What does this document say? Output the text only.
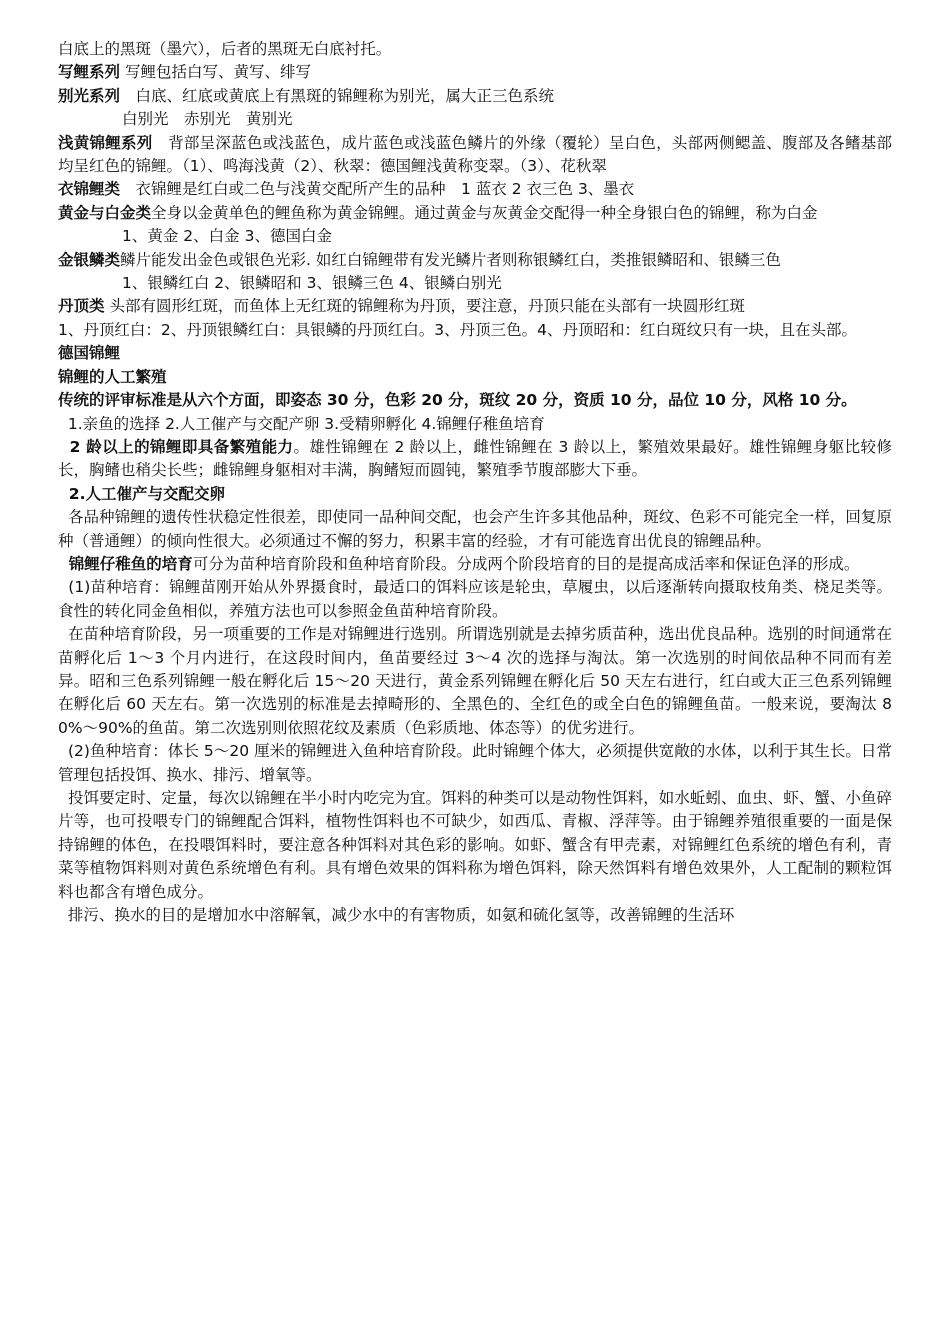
白底上的黑斑（墨穴），后者的黑斑无白底衬托。

写鲤系列 写鲤包括白写、黄写、绯写

别光系列　白底、红底或黄底上有黑斑的锦鲤称为别光，属大正三色系统

白别光　赤别光　黄别光

浅黄锦鲤系列　背部呈深蓝色或浅蓝色，成片蓝色或浅蓝色鳞片的外缘（覆轮）呈白色，头部两侧鳃盖、腹部及各鳍基部均呈红色的锦鲤。（1）、鸣海浅黄（2）、秋翠：德国鲤浅黄称变翠。（3）、花秋翠

衣锦鲤类　衣锦鲤是红白或二色与浅黄交配所产生的品种　1 蓝衣 2 衣三色 3、墨衣

黄金与白金类全身以金黄单色的鲤鱼称为黄金锦鲤。通过黄金与灰黄金交配得一种全身银白色的锦鲤，称为白金

1、黄金 2、白金 3、德国白金

金银鳞类鳞片能发出金色或银色光彩. 如红白锦鲤带有发光鳞片者则称银鳞红白，类推银鳞昭和、银鳞三色

1、银鳞红白 2、银鳞昭和 3、银鳞三色 4、银鳞白别光

丹顶类 头部有圆形红斑，而鱼体上无红斑的锦鲤称为丹顶，要注意，丹顶只能在头部有一块圆形红斑

1、丹顶红白：2、丹顶银鳞红白：具银鳞的丹顶红白。3、丹顶三色。4、丹顶昭和：红白斑纹只有一块，且在头部。

德国锦鲤

锦鲤的人工繁殖

传统的评审标准是从六个方面，即姿态 30 分，色彩 20 分，斑纹 20 分，资质 10 分，品位 10 分，风格 10 分。

1.亲鱼的选择 2.人工催产与交配产卵 3.受精卵孵化 4.锦鲤仔稚鱼培育

2 龄以上的锦鲤即具备繁殖能力。雄性锦鲤在 2 龄以上，雌性锦鲤在 3 龄以上，繁殖效果最好。雄性锦鲤身躯比较修长，胸鳍也稍尖长些；雌锦鲤身躯相对丰满，胸鳍短而圆钝，繁殖季节腹部膨大下垂。

2.人工催产与交配交卵

各品种锦鲤的遗传性状稳定性很差，即使同一品种间交配，也会产生许多其他品种，斑纹、色彩不可能完全一样，回复原种（普通鲤）的倾向性很大。必须通过不懈的努力，积累丰富的经验，才有可能选育出优良的锦鲤品种。

锦鲤仔稚鱼的培育可分为苗种培育阶段和鱼种培育阶段。分成两个阶段培育的目的是提高成活率和保证色泽的形成。

(1)苗种培育：锦鲤苗刚开始从外界摄食时，最适口的饵料应该是轮虫，草履虫，以后逐渐转向摄取枝角类、桡足类等。食性的转化同金鱼相似，养殖方法也可以参照金鱼苗种培育阶段。

在苗种培育阶段，另一项重要的工作是对锦鲤进行选别。所谓选别就是去掉劣质苗种，选出优良品种。选别的时间通常在苗孵化后 1～3 个月内进行，在这段时间内，鱼苗要经过 3～4 次的选择与淘汰。第一次选别的时间依品种不同而有差异。昭和三色系列锦鲤一般在孵化后 15～20 天进行，黄金系列锦鲤在孵化后 50 天左右进行，红白或大正三色系列锦鲤在孵化后 60 天左右。第一次选别的标准是去掉畸形的、全黑色的、全红色的或全白色的锦鲤鱼苗。一般来说，要淘汰 80%～90%的鱼苗。第二次选别则依照花纹及素质（色彩质地、体态等）的优劣进行。

(2)鱼种培育：体长 5～20 厘米的锦鲤进入鱼种培育阶段。此时锦鲤个体大，必须提供宽敞的水体，以利于其生长。日常管理包括投饵、换水、排污、增氧等。

投饵要定时、定量，每次以锦鲤在半小时内吃完为宜。饵料的种类可以是动物性饵料，如水蚯蚓、血虫、虾、蟹、小鱼碎片等，也可投喂专门的锦鲤配合饵料，植物性饵料也不可缺少，如西瓜、青椒、浮萍等。由于锦鲤养殖很重要的一面是保持锦鲤的体色，在投喂饵料时，要注意各种饵料对其色彩的影响。如虾、蟹含有甲壳素，对锦鲤红色系统的增色有利，青菜等植物饵料则对黄色系统增色有利。具有增色效果的饵料称为增色饵料，除天然饵料有增色效果外，人工配制的颗粒饵料也都含有增色成分。

排污、换水的目的是增加水中溶解氧，减少水中的有害物质，如氨和硫化氢等，改善锦鲤的生活环
